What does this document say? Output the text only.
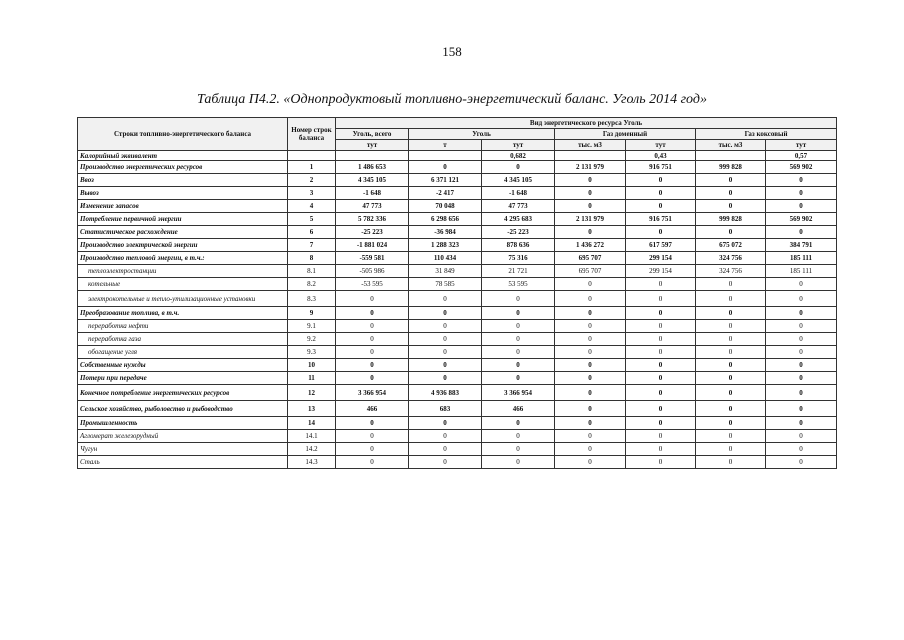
158
Таблица П4.2. «Однопродуктовый топливно-энергетический баланс. Уголь 2014 год»
Строки топливно-энергетического баланса	Номер строк баланса	Вид энергетического ресурса Уголь						
		Уголь, всего	Уголь		Газ доменный		Газ коксовый	
		тут	т	тут	тыс. м3	тут	тыс. м3	тут
Калорийный эквивалент				0,682		0,43		0,57
Производство энергетических ресурсов	1	1 486 653	0	0	2 131 979	916 751	999 828	569 902
Ввоз	2	4 345 105	6 371 121	4 345 105	0	0	0	0
Вывоз	3	-1 648	-2 417	-1 648	0	0	0	0
Изменение запасов	4	47 773	70 048	47 773	0	0	0	0
Потребление первичной энергии	5	5 782 336	6 298 656	4 295 683	2 131 979	916 751	999 828	569 902
Статистическое расхождение	6	-25 223	-36 984	-25 223	0	0	0	0
Производство электрической энергии	7	-1 881 024	1 288 323	878 636	1 436 272	617 597	675 072	384 791
Производство тепловой энергии, в т.ч.:	8	-559 581	110 434	75 316	695 707	299 154	324 756	185 111
теплоэлектростанции	8.1	-505 986	31 849	21 721	695 707	299 154	324 756	185 111
котельные	8.2	-53 595	78 585	53 595	0	0	0	0
электрокотельные и тепло-утилизационные установки	8.3	0	0	0	0	0	0	0
Преобразование топлива, в т.ч.	9	0	0	0	0	0	0	0
переработка нефти	9.1	0	0	0	0	0	0	0
переработка газа	9.2	0	0	0	0	0	0	0
обогащение угля	9.3	0	0	0	0	0	0	0
Собственные нужды	10	0	0	0	0	0	0	0
Потери при передаче	11	0	0	0	0	0	0	0
Конечное потребление энергетических ресурсов	12	3 366 954	4 936 883	3 366 954	0	0	0	0
Сельское хозяйство, рыболовство и рыбоводство	13	466	683	466	0	0	0	0
Промышленность	14	0	0	0	0	0	0	0
Агломерат железорудный	14.1	0	0	0	0	0	0	0
Чугун	14.2	0	0	0	0	0	0	0
Сталь	14.3	0	0	0	0	0	0	0
